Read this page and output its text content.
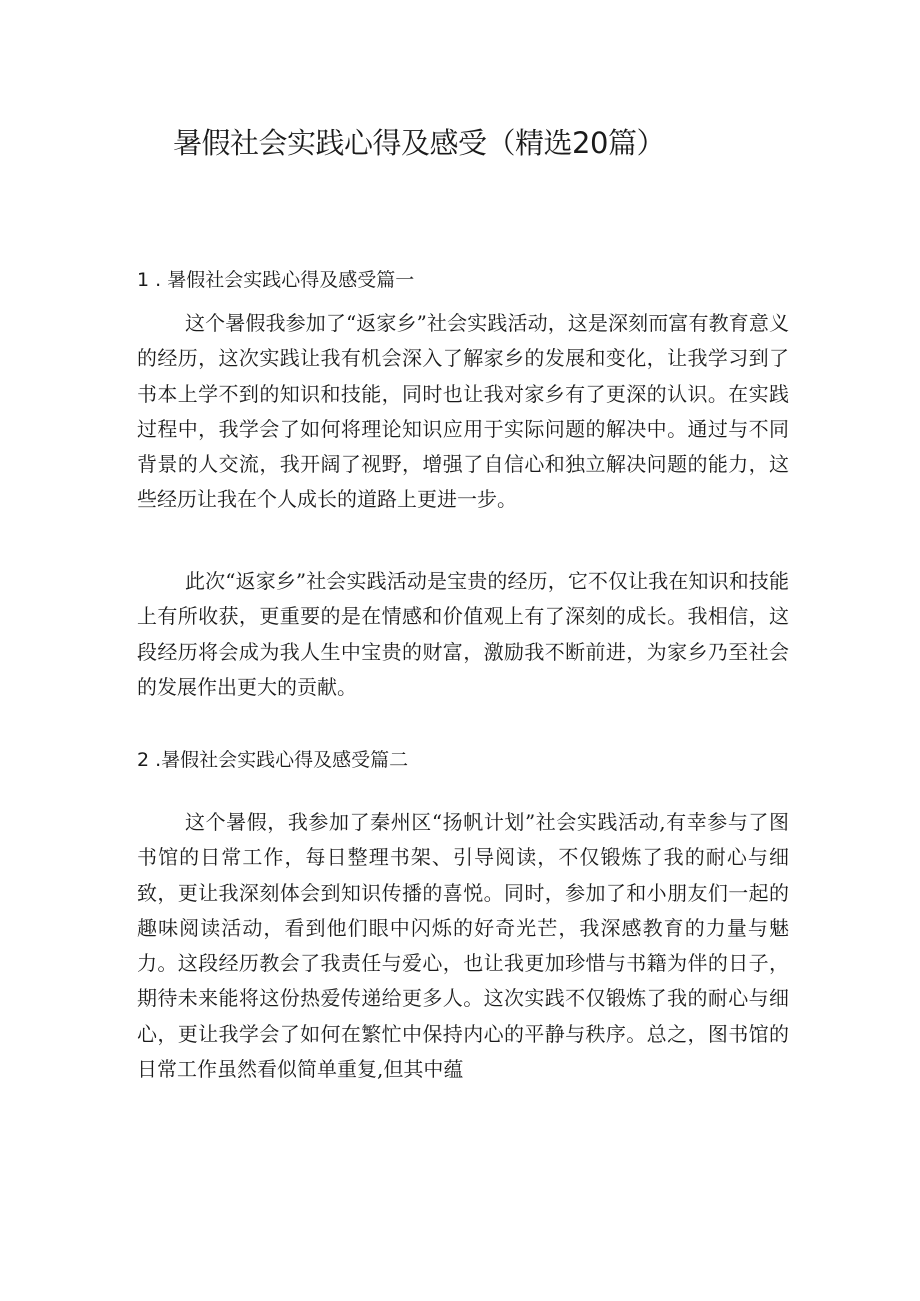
暑假社会实践心得及感受（精选20篇）
1 . 暑假社会实践心得及感受篇一

这个暑假我参加了“返家乡”社会实践活动，这是深刻而富有教育意义的经历，这次实践让我有机会深入了解家乡的发展和变化，让我学习到了书本上学不到的知识和技能，同时也让我对家乡有了更深的认识。在实践过程中，我学会了如何将理论知识应用于实际问题的解决中。通过与不同背景的人交流，我开阔了视野，增强了自信心和独立解决问题的能力，这些经历让我在个人成长的道路上更进一步。

此次“返家乡”社会实践活动是宝贵的经历，它不仅让我在知识和技能上有所收获，更重要的是在情感和价值观上有了深刻的成长。我相信，这段经历将会成为我人生中宝贵的财富，激励我不断前进，为家乡乃至社会的发展作出更大的贡献。

2 .暑假社会实践心得及感受篇二

这个暑假，我参加了秦州区“扬帆计划”社会实践活动,有幸参与了图书馆的日常工作，每日整理书架、引导阅读，不仅锻炼了我的耐心与细致，更让我深刻体会到知识传播的喜悦。同时，参加了和小朋友们一起的趣味阅读活动，看到他们眼中闪烁的好奇光芒，我深感教育的力量与魅力。这段经历教会了我责任与爱心，也让我更加珍惜与书籍为伴的日子，期待未来能将这份热爱传递给更多人。这次实践不仅锻炼了我的耐心与细心，更让我学会了如何在繁忙中保持内心的平静与秩序。总之，图书馆的日常工作虽然看似简单重复,但其中蕴
